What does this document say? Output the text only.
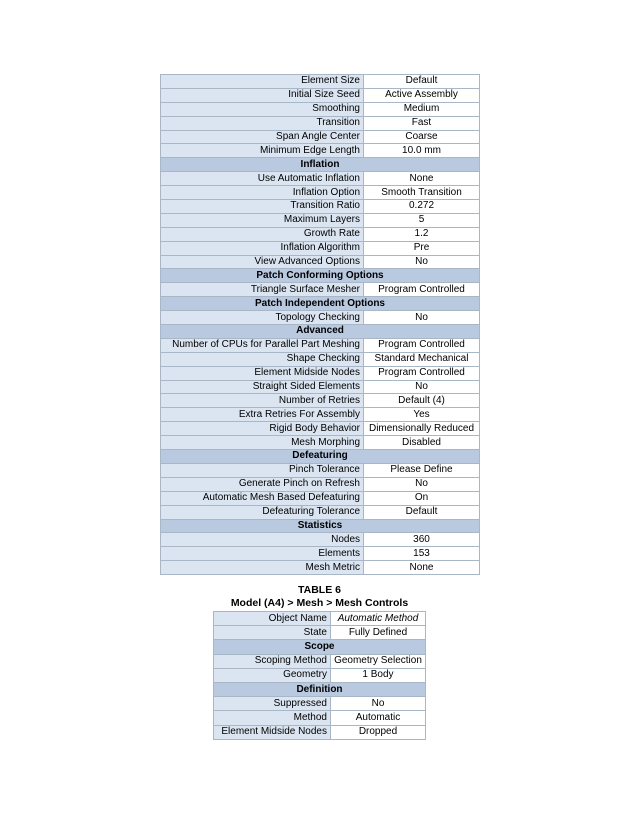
Element Size	Default
Initial Size Seed	Active Assembly
Smoothing	Medium
Transition	Fast
Span Angle Center	Coarse
Minimum Edge Length	10.0 mm
Inflation	
Use Automatic Inflation	None
Inflation Option	Smooth Transition
Transition Ratio	0.272
Maximum Layers	5
Growth Rate	1.2
Inflation Algorithm	Pre
View Advanced Options	No
Patch Conforming Options	
Triangle Surface Mesher	Program Controlled
Patch Independent Options	
Topology Checking	No
Advanced	
Number of CPUs for Parallel Part Meshing	Program Controlled
Shape Checking	Standard Mechanical
Element Midside Nodes	Program Controlled
Straight Sided Elements	No
Number of Retries	Default (4)
Extra Retries For Assembly	Yes
Rigid Body Behavior	Dimensionally Reduced
Mesh Morphing	Disabled
Defeaturing	
Pinch Tolerance	Please Define
Generate Pinch on Refresh	No
Automatic Mesh Based Defeaturing	On
Defeaturing Tolerance	Default
Statistics	
Nodes	360
Elements	153
Mesh Metric	None
TABLE 6
Model (A4) > Mesh > Mesh Controls
Object Name	Automatic Method
State	Fully Defined
Scope	
Scoping Method	Geometry Selection
Geometry	1 Body
Definition	
Suppressed	No
Method	Automatic
Element Midside Nodes	Dropped
